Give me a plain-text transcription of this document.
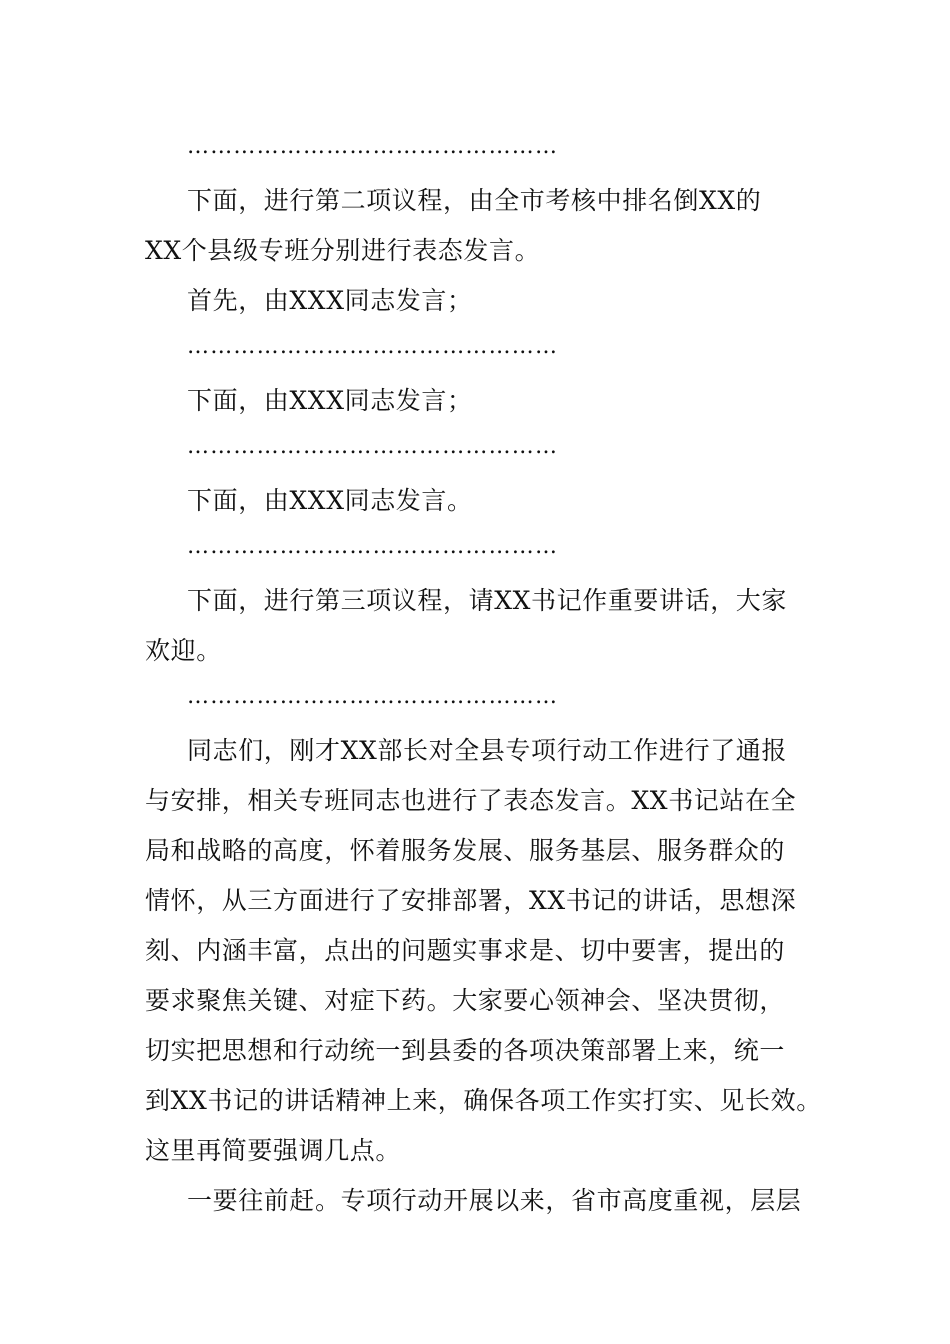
…………………………………………
下面，进行第二项议程，由全市考核中排名倒XX的
XX个县级专班分别进行表态发言。
首先，由XXX同志发言；
…………………………………………
下面，由XXX同志发言；
…………………………………………
下面，由XXX同志发言。
…………………………………………
下面，进行第三项议程，请XX书记作重要讲话，大家
欢迎。
…………………………………………
同志们，刚才XX部长对全县专项行动工作进行了通报
与安排，相关专班同志也进行了表态发言。XX书记站在全
局和战略的高度，怀着服务发展、服务基层、服务群众的
情怀，从三方面进行了安排部署，XX书记的讲话，思想深
刻、内涵丰富，点出的问题实事求是、切中要害，提出的
要求聚焦关键、对症下药。大家要心领神会、坚决贯彻，
切实把思想和行动统一到县委的各项决策部署上来，统一
到XX书记的讲话精神上来，确保各项工作实打实、见长效。
这里再简要强调几点。
一要往前赶。专项行动开展以来，省市高度重视，层层
